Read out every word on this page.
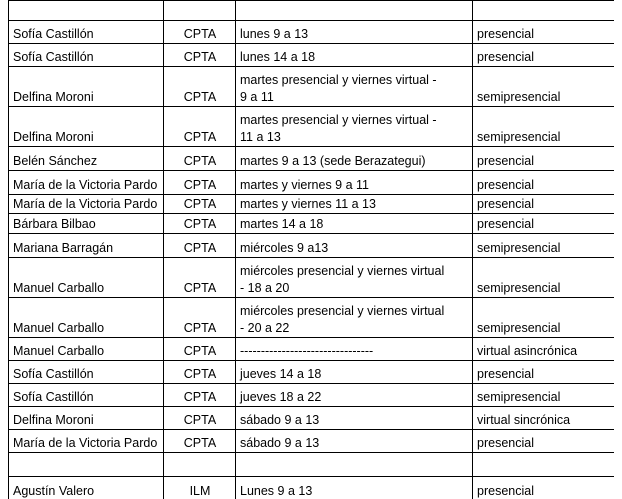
Sofía Castillón	CPTA	lunes 9 a 13	presencial
Sofía Castillón	CPTA	lunes 14 a 18	presencial
Delfina Moroni	CPTA	martes presencial y viernes virtual - 9 a 11	semipresencial
Delfina Moroni	CPTA	martes presencial y viernes virtual - 11 a 13	semipresencial
Belén Sánchez	CPTA	martes 9 a 13 (sede Berazategui)	presencial
María de la Victoria Pardo	CPTA	martes y viernes 9 a 11	presencial
María de la Victoria Pardo	CPTA	martes y viernes 11 a 13	presencial
Bárbara Bilbao	CPTA	martes 14 a 18	presencial
Mariana Barragán	CPTA	miércoles 9 a13	semipresencial
Manuel Carballo	CPTA	miércoles presencial y viernes virtual - 18 a 20	semipresencial
Manuel Carballo	CPTA	miércoles presencial y viernes virtual - 20 a 22	semipresencial
Manuel Carballo	CPTA	--------------------------------	virtual asincrónica
Sofía Castillón	CPTA	jueves 14 a 18	presencial
Sofía Castillón	CPTA	jueves 18 a 22	semipresencial
Delfina Moroni	CPTA	sábado 9 a 13	virtual sincrónica
María de la Victoria Pardo	CPTA	sábado 9 a 13	presencial

Agustín Valero	ILM	Lunes 9 a 13	presencial
